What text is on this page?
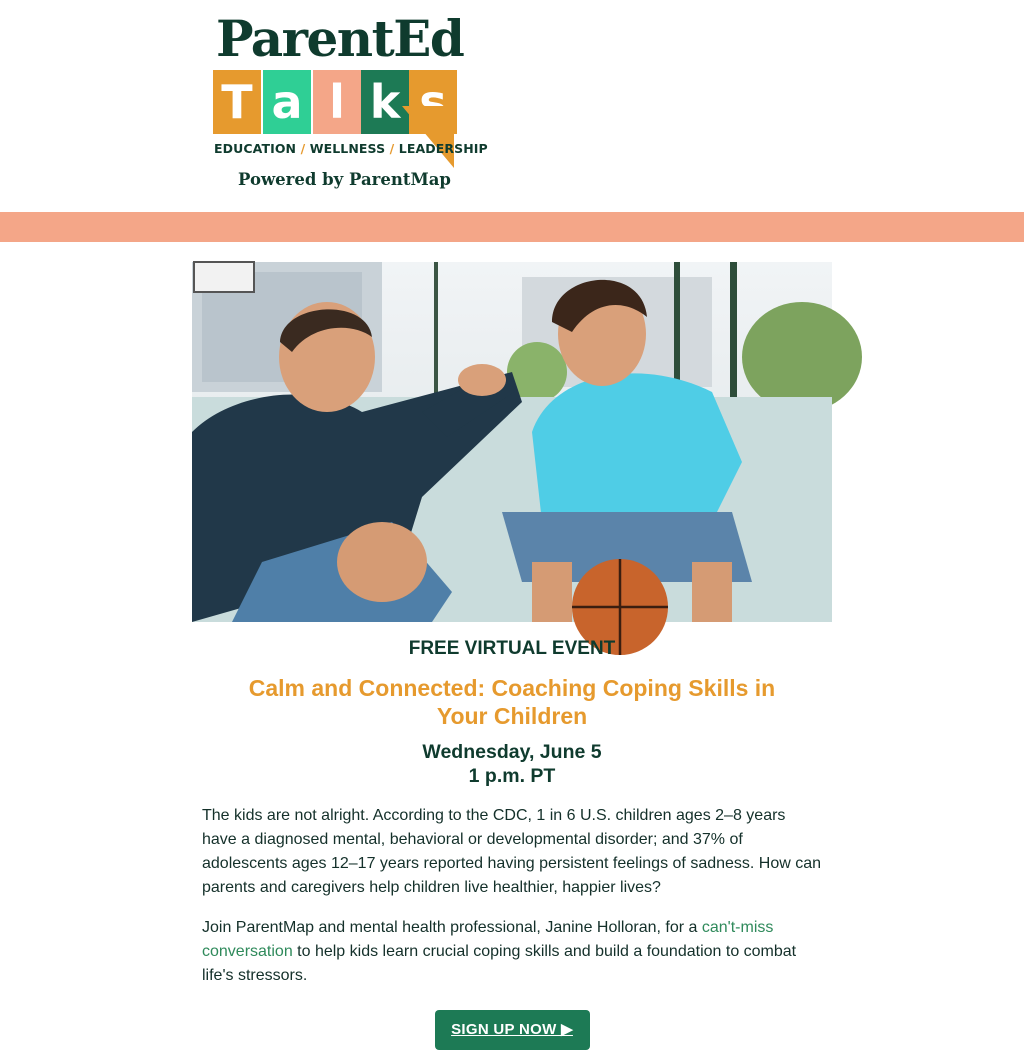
ParentEd
T a l k s
EDUCATION / WELLNESS / LEADERSHIP
Powered by ParentMap
FREE VIRTUAL EVENT
Calm and Connected: Coaching Coping Skills in Your Children
Wednesday, June 5
1 p.m. PT

The kids are not alright. According to the CDC, 1 in 6 U.S. children ages 2–8 years have a diagnosed mental, behavioral or developmental disorder; and 37% of adolescents ages 12–17 years reported having persistent feelings of sadness. How can parents and caregivers help children live healthier, happier lives?

Join ParentMap and mental health professional, Janine Holloran, for a can't-miss conversation to help kids learn crucial coping skills and build a foundation to combat life's stressors.

SIGN UP NOW ▶
